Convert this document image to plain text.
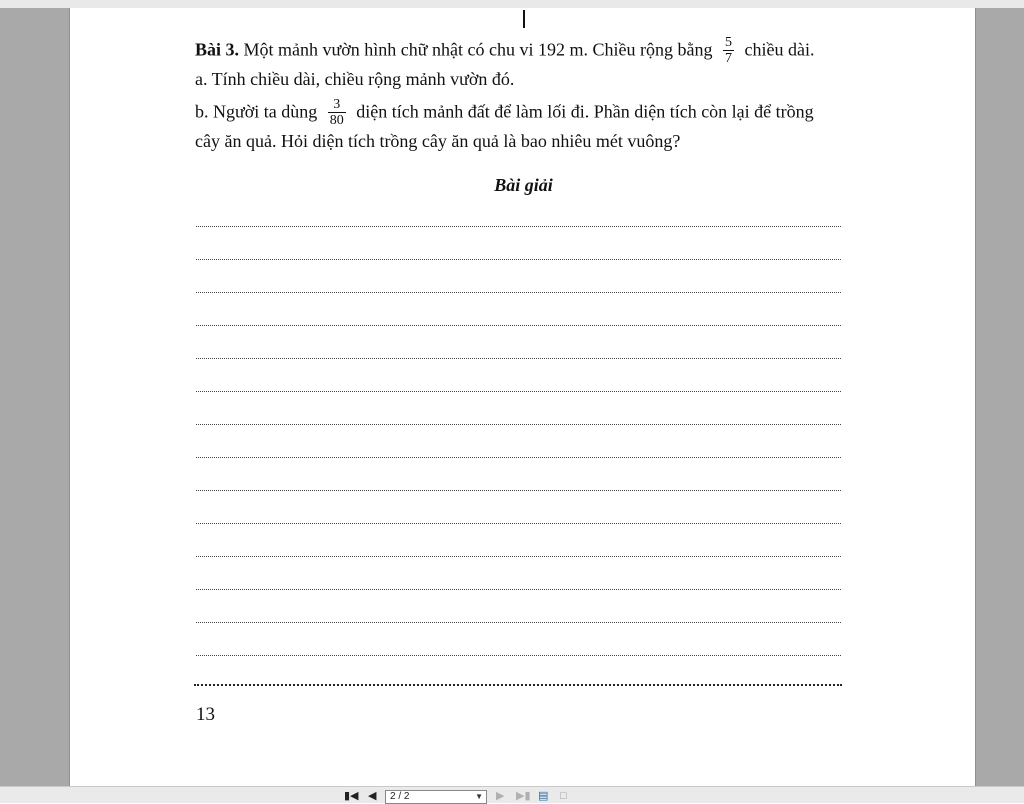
Bài 3. Một mảnh vườn hình chữ nhật có chu vi 192 m. Chiều rộng bằng $\frac{5}{7}$ chiều dài.
a. Tính chiều dài, chiều rộng mảnh vườn đó.
b. Người ta dùng $\frac{3}{80}$ diện tích mảnh đất để làm lối đi. Phần diện tích còn lại để trồng
cây ăn quả. Hỏi diện tích trồng cây ăn quả là bao nhiêu mét vuông?
Bài giải
13
▮◀ ◀	2 / 2	▼ ▶ ▶▮ ▤ □
